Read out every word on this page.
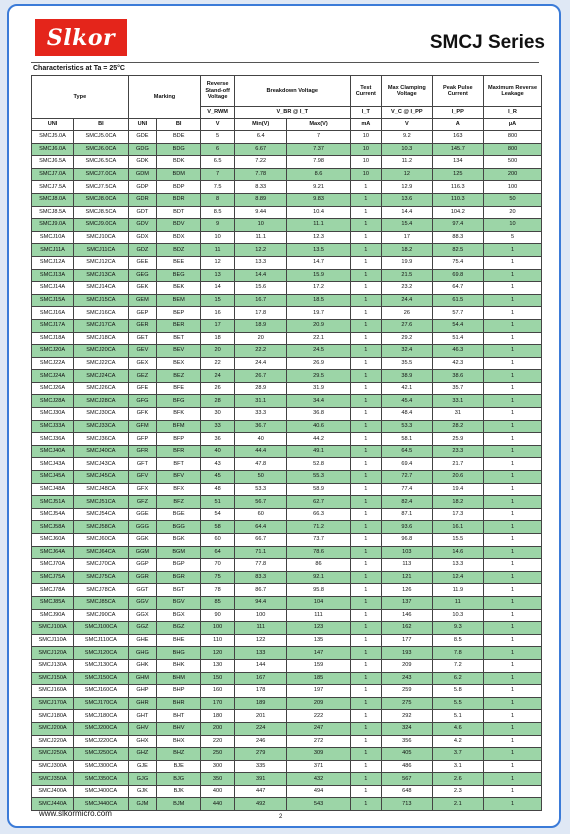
Slkor	SMCJ Series
Characteristics at Ta = 25°C
Type		Marking		Reverse Stand-off Voltage	Breakdown Voltage		Test Current	Max Clamping Voltage	Peak Pulse Current	Maximum Reverse Leakage
				V_RWM	V_BR @ I_T		I_T	V_C @ I_PP	I_PP	I_R
UNI	BI	UNI	BI	V	Min(V)	Max(V)	mA	V	A	µA
SMCJ5.0A	SMCJ5.0CA	GDE	BDE	5	6.4	7	10	9.2	163	800
SMCJ6.0A	SMCJ6.0CA	GDG	BDG	6	6.67	7.37	10	10.3	145.7	800
SMCJ6.5A	SMCJ6.5CA	GDK	BDK	6.5	7.22	7.98	10	11.2	134	500
SMCJ7.0A	SMCJ7.0CA	GDM	BDM	7	7.78	8.6	10	12	125	200
SMCJ7.5A	SMCJ7.5CA	GDP	BDP	7.5	8.33	9.21	1	12.9	116.3	100
SMCJ8.0A	SMCJ8.0CA	GDR	BDR	8	8.89	9.83	1	13.6	110.3	50
SMCJ8.5A	SMCJ8.5CA	GDT	BDT	8.5	9.44	10.4	1	14.4	104.2	20
SMCJ9.0A	SMCJ9.0CA	GDV	BDV	9	10	11.1	1	15.4	97.4	10
SMCJ10A	SMCJ10CA	GDX	BDX	10	11.1	12.3	1	17	88.3	5
SMCJ11A	SMCJ11CA	GDZ	BDZ	11	12.2	13.5	1	18.2	82.5	1
SMCJ12A	SMCJ12CA	GEE	BEE	12	13.3	14.7	1	19.9	75.4	1
SMCJ13A	SMCJ13CA	GEG	BEG	13	14.4	15.9	1	21.5	69.8	1
SMCJ14A	SMCJ14CA	GEK	BEK	14	15.6	17.2	1	23.2	64.7	1
SMCJ15A	SMCJ15CA	GEM	BEM	15	16.7	18.5	1	24.4	61.5	1
SMCJ16A	SMCJ16CA	GEP	BEP	16	17.8	19.7	1	26	57.7	1
SMCJ17A	SMCJ17CA	GER	BER	17	18.9	20.9	1	27.6	54.4	1
SMCJ18A	SMCJ18CA	GET	BET	18	20	22.1	1	29.2	51.4	1
SMCJ20A	SMCJ20CA	GEV	BEV	20	22.2	24.5	1	32.4	46.3	1
SMCJ22A	SMCJ22CA	GEX	BEX	22	24.4	26.9	1	35.5	42.3	1
SMCJ24A	SMCJ24CA	GEZ	BEZ	24	26.7	29.5	1	38.9	38.6	1
SMCJ26A	SMCJ26CA	GFE	BFE	26	28.9	31.9	1	42.1	35.7	1
SMCJ28A	SMCJ28CA	GFG	BFG	28	31.1	34.4	1	45.4	33.1	1
SMCJ30A	SMCJ30CA	GFK	BFK	30	33.3	36.8	1	48.4	31	1
SMCJ33A	SMCJ33CA	GFM	BFM	33	36.7	40.6	1	53.3	28.2	1
SMCJ36A	SMCJ36CA	GFP	BFP	36	40	44.2	1	58.1	25.9	1
SMCJ40A	SMCJ40CA	GFR	BFR	40	44.4	49.1	1	64.5	23.3	1
SMCJ43A	SMCJ43CA	GFT	BFT	43	47.8	52.8	1	69.4	21.7	1
SMCJ45A	SMCJ45CA	GFV	BFV	45	50	55.3	1	72.7	20.6	1
SMCJ48A	SMCJ48CA	GFX	BFX	48	53.3	58.9	1	77.4	19.4	1
SMCJ51A	SMCJ51CA	GFZ	BFZ	51	56.7	62.7	1	82.4	18.2	1
SMCJ54A	SMCJ54CA	GGE	BGE	54	60	66.3	1	87.1	17.3	1
SMCJ58A	SMCJ58CA	GGG	BGG	58	64.4	71.2	1	93.6	16.1	1
SMCJ60A	SMCJ60CA	GGK	BGK	60	66.7	73.7	1	96.8	15.5	1
SMCJ64A	SMCJ64CA	GGM	BGM	64	71.1	78.6	1	103	14.6	1
SMCJ70A	SMCJ70CA	GGP	BGP	70	77.8	86	1	113	13.3	1
SMCJ75A	SMCJ75CA	GGR	BGR	75	83.3	92.1	1	121	12.4	1
SMCJ78A	SMCJ78CA	GGT	BGT	78	86.7	95.8	1	126	11.9	1
SMCJ85A	SMCJ85CA	GGV	BGV	85	94.4	104	1	137	11	1
SMCJ90A	SMCJ90CA	GGX	BGX	90	100	111	1	146	10.3	1
SMCJ100A	SMCJ100CA	GGZ	BGZ	100	111	123	1	162	9.3	1
SMCJ110A	SMCJ110CA	GHE	BHE	110	122	135	1	177	8.5	1
SMCJ120A	SMCJ120CA	GHG	BHG	120	133	147	1	193	7.8	1
SMCJ130A	SMCJ130CA	GHK	BHK	130	144	159	1	209	7.2	1
SMCJ150A	SMCJ150CA	GHM	BHM	150	167	185	1	243	6.2	1
SMCJ160A	SMCJ160CA	GHP	BHP	160	178	197	1	259	5.8	1
SMCJ170A	SMCJ170CA	GHR	BHR	170	189	209	1	275	5.5	1
SMCJ180A	SMCJ180CA	GHT	BHT	180	201	222	1	292	5.1	1
SMCJ200A	SMCJ200CA	GHV	BHV	200	224	247	1	324	4.6	1
SMCJ220A	SMCJ220CA	GHX	BHX	220	246	272	1	356	4.2	1
SMCJ250A	SMCJ250CA	GHZ	BHZ	250	279	309	1	405	3.7	1
SMCJ300A	SMCJ300CA	GJE	BJE	300	335	371	1	486	3.1	1
SMCJ350A	SMCJ350CA	GJG	BJG	350	391	432	1	567	2.6	1
SMCJ400A	SMCJ400CA	GJK	BJK	400	447	494	1	648	2.3	1
SMCJ440A	SMCJ440CA	GJM	BJM	440	492	543	1	713	2.1	1
www.slkormicro.com	2
